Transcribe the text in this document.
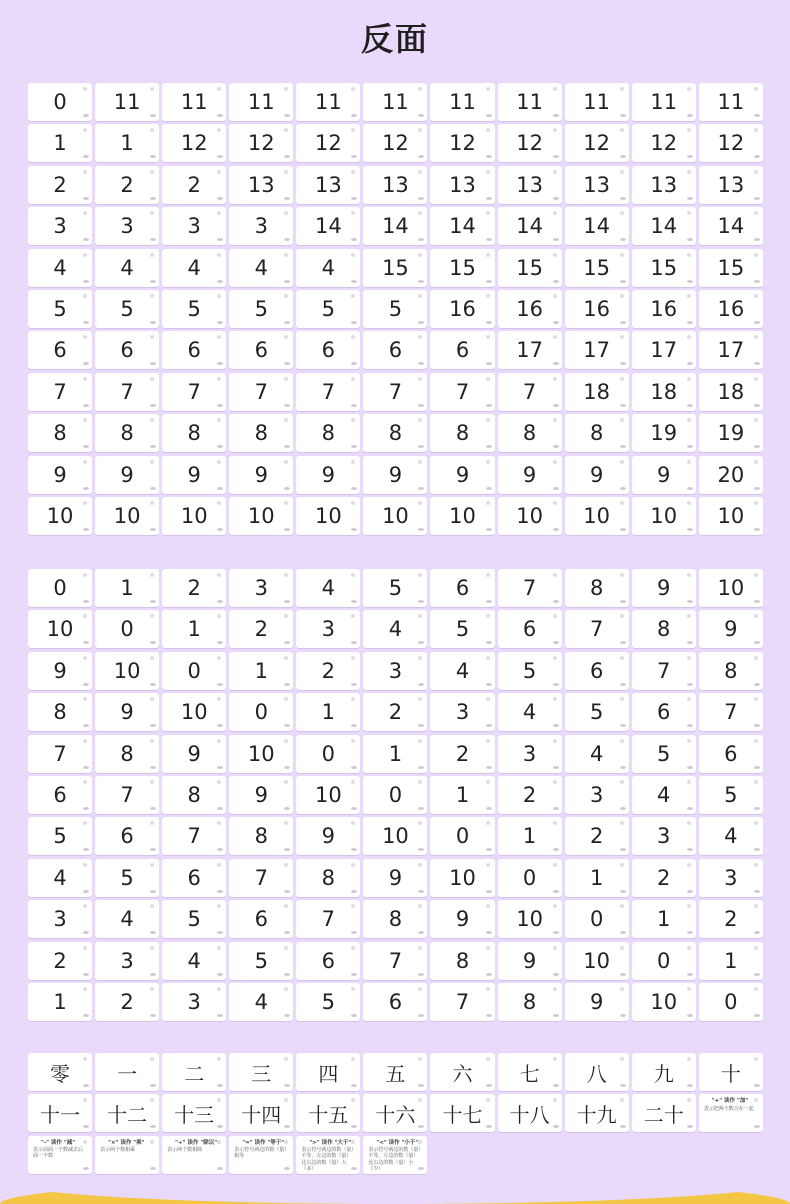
反面
0	11	11	11	11	11	11	11	11	11	11
1	1	12	12	12	12	12	12	12	12	12
2	2	2	13	13	13	13	13	13	13	13
3	3	3	3	14	14	14	14	14	14	14
4	4	4	4	4	15	15	15	15	15	15
5	5	5	5	5	5	16	16	16	16	16
6	6	6	6	6	6	6	17	17	17	17
7	7	7	7	7	7	7	7	18	18	18
8	8	8	8	8	8	8	8	8	19	19
9	9	9	9	9	9	9	9	9	9	20
10	10	10	10	10	10	10	10	10	10	10
0	1	2	3	4	5	6	7	8	9	10
10	0	1	2	3	4	5	6	7	8	9
9	10	0	1	2	3	4	5	6	7	8
8	9	10	0	1	2	3	4	5	6	7
7	8	9	10	0	1	2	3	4	5	6
6	7	8	9	10	0	1	2	3	4	5
5	6	7	8	9	10	0	1	2	3	4
4	5	6	7	8	9	10	0	1	2	3
3	4	5	6	7	8	9	10	0	1	2
2	3	4	5	6	7	8	9	10	0	1
1	2	3	4	5	6	7	8	9	10	0
零	一	二	三	四	五	六	七	八	九	十
十一	十二	十三	十四	十五	十六	十七	十八	十九	二十
"+" 读作 "加"
表示把两个数合在一起
"-" 读作 "减"
表示前面一个数减去后面一个数
"×" 读作 "乘"
表示两个数相乘
"÷" 读作 "除以"
表示两个数相除
"=" 读作 "等于"
表示符号两边的数（量）相等
">" 读作 "大于"
表示符号两边的数（量）不等，左边的数（量）比右边的数（量）大（多）
"<" 读作 "小于"
表示符号两边的数（量）不等，左边的数（量）比右边的数（量）小（少）
